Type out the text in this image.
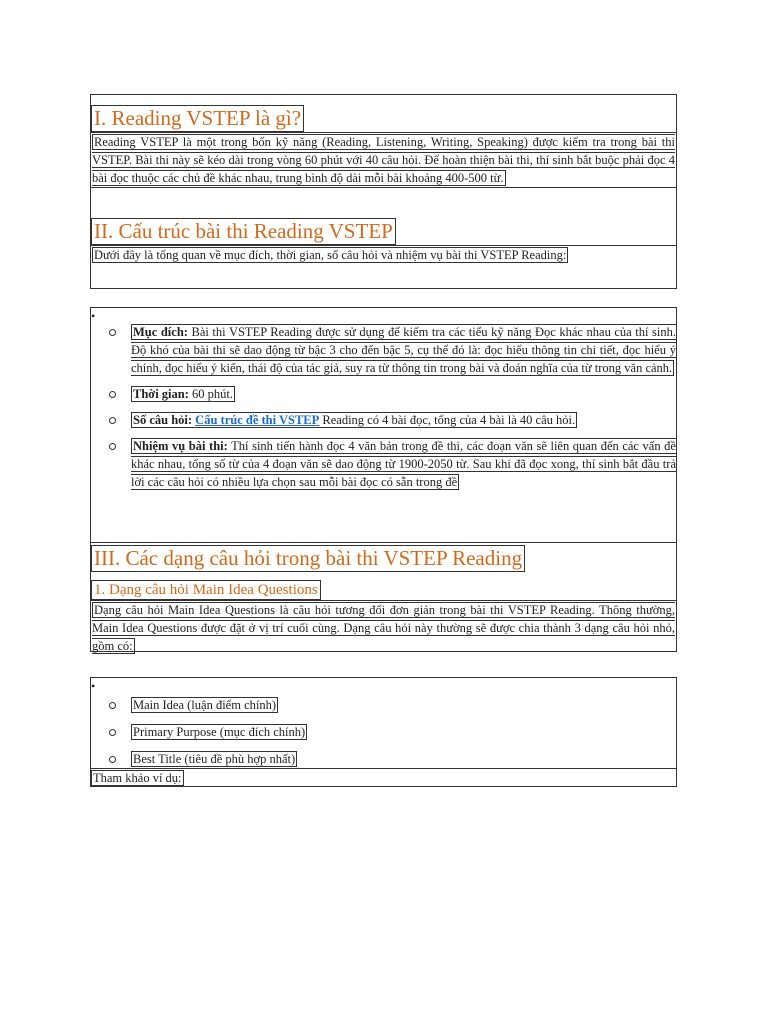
I. Reading VSTEP là gì?

Reading VSTEP là một trong bốn kỹ năng (Reading, Listening, Writing, Speaking) được kiểm tra trong bài thi VSTEP. Bài thi này sẽ kéo dài trong vòng 60 phút với 40 câu hỏi. Để hoàn thiện bài thi, thí sinh bắt buộc phải đọc 4 bài đọc thuộc các chủ đề khác nhau, trung bình độ dài mỗi bài khoảng 400-500 từ.

II. Cấu trúc bài thi Reading VSTEP

Dưới đây là tổng quan về mục đích, thời gian, số câu hỏi và nhiệm vụ bài thi VSTEP Reading:

•
Mục đích: Bài thi VSTEP Reading được sử dụng để kiểm tra các tiểu kỹ năng Đọc khác nhau của thí sinh. Độ khó của bài thi sẽ dao động từ bậc 3 cho đến bậc 5, cụ thể đó là: đọc hiểu thông tin chi tiết, đọc hiểu ý chính, đọc hiểu ý kiến, thái độ của tác giả, suy ra từ thông tin trong bài và đoán nghĩa của từ trong văn cảnh.
Thời gian: 60 phút.
Số câu hỏi: Cấu trúc đề thi VSTEP Reading có 4 bài đọc, tổng của 4 bài là 40 câu hỏi.
Nhiệm vụ bài thi: Thí sinh tiến hành đọc 4 văn bản trong đề thi, các đoạn văn sẽ liên quan đến các vấn đề khác nhau, tổng số từ của 4 đoạn văn sẽ dao động từ 1900-2050 từ. Sau khi đã đọc xong, thí sinh bắt đầu trả lời các câu hỏi có nhiều lựa chọn sau mỗi bài đọc có sẵn trong đề
III. Các dạng câu hỏi trong bài thi VSTEP Reading
1. Dạng câu hỏi Main Idea Questions

Dạng câu hỏi Main Idea Questions là câu hỏi tương đối đơn giản trong bài thi VSTEP Reading. Thông thường, Main Idea Questions được đặt ở vị trí cuối cùng. Dạng câu hỏi này thường sẽ được chia thành 3 dạng câu hỏi nhỏ, gồm có:

•
Main Idea (luận điểm chính)
Primary Purpose (mục đích chính)
Best Title (tiêu đề phù hợp nhất)
Tham khảo ví dụ:
